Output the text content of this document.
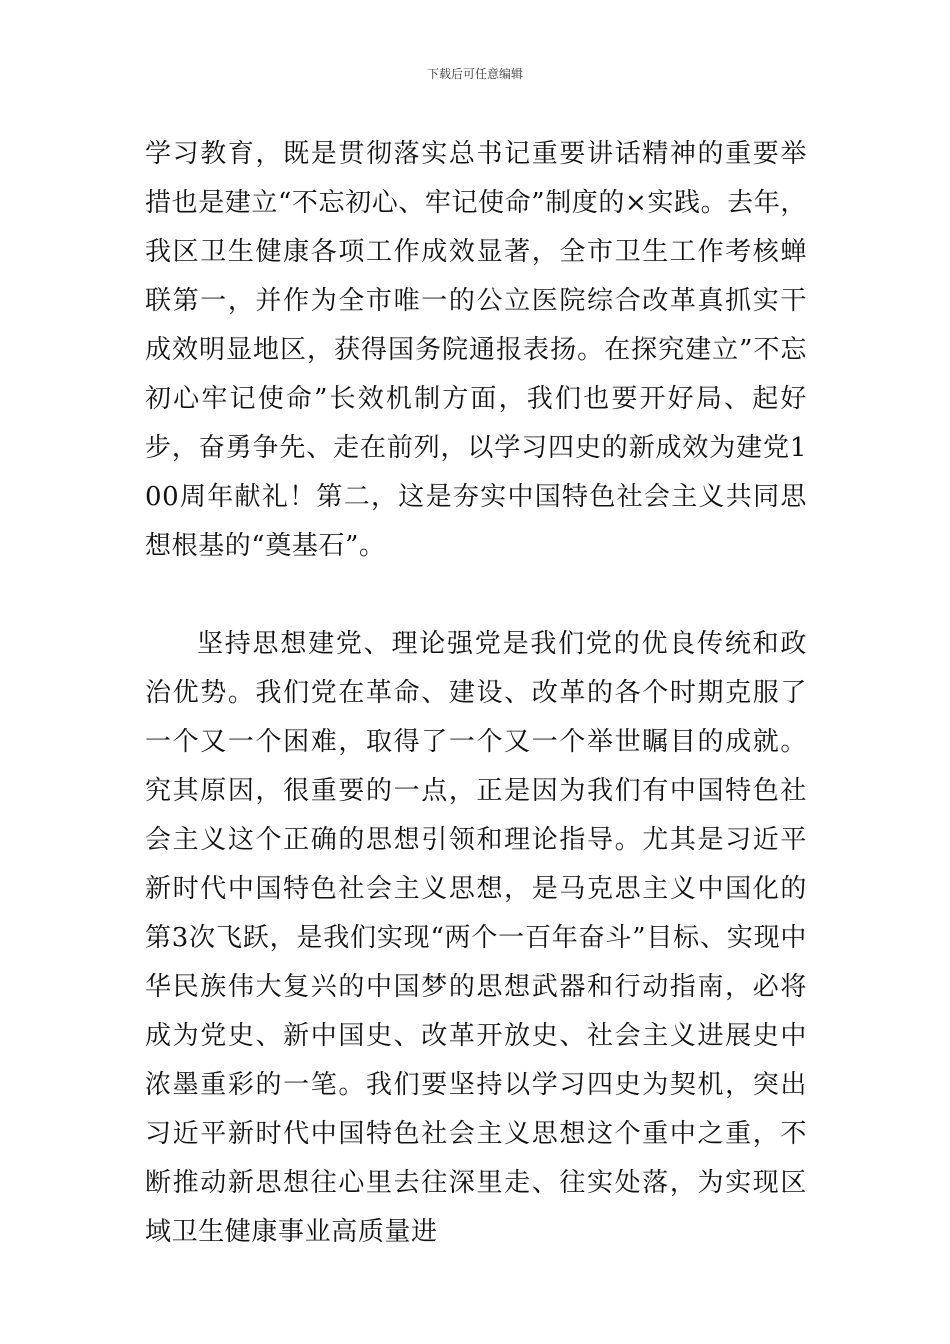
下载后可任意编辑

学习教育，既是贯彻落实总书记重要讲话精神的重要举措也是建立“不忘初心、牢记使命”制度的×实践。去年，我区卫生健康各项工作成效显著，全市卫生工作考核蝉联第一，并作为全市唯一的公立医院综合改革真抓实干成效明显地区，获得国务院通报表扬。在探究建立”不忘初心牢记使命”长效机制方面，我们也要开好局、起好步，奋勇争先、走在前列，以学习四史的新成效为建党100周年献礼！第二，这是夯实中国特色社会主义共同思想根基的“奠基石”。

坚持思想建党、理论强党是我们党的优良传统和政治优势。我们党在革命、建设、改革的各个时期克服了一个又一个困难，取得了一个又一个举世瞩目的成就。究其原因，很重要的一点，正是因为我们有中国特色社会主义这个正确的思想引领和理论指导。尤其是习近平新时代中国特色社会主义思想，是马克思主义中国化的第3次飞跃，是我们实现“两个一百年奋斗”目标、实现中华民族伟大复兴的中国梦的思想武器和行动指南，必将成为党史、新中国史、改革开放史、社会主义进展史中浓墨重彩的一笔。我们要坚持以学习四史为契机，突出习近平新时代中国特色社会主义思想这个重中之重，不断推动新思想往心里去往深里走、往实处落，为实现区域卫生健康事业高质量进
